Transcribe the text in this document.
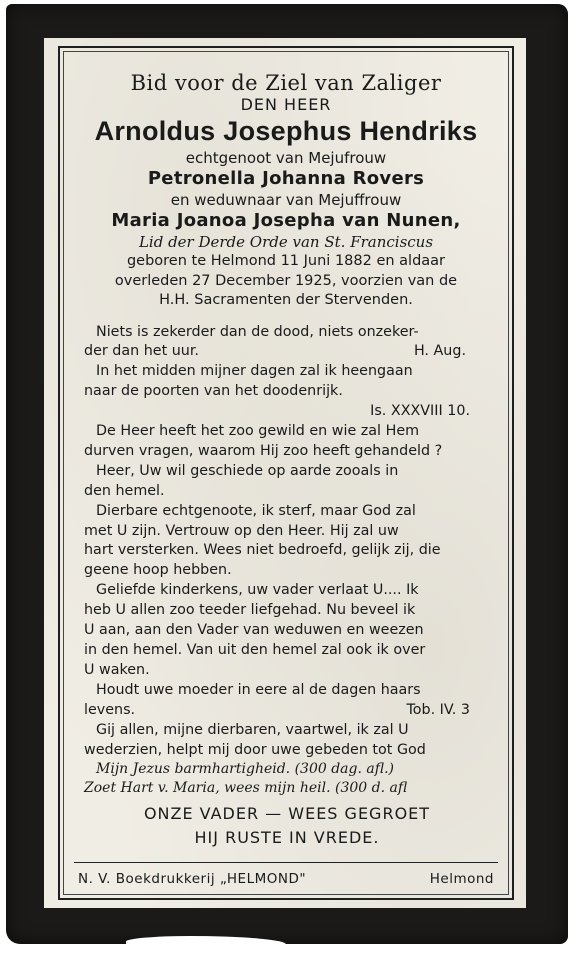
Bid voor de Ziel van Zaliger
DEN HEER
Arnoldus Josephus Hendriks
echtgenoot van Mejufrouw
Petronella Johanna Rovers
en weduwnaar van Mejuffrouw
Maria Joanoa Josepha van Nunen,
Lid der Derde Orde van St. Franciscus
geboren te Helmond 11 Juni 1882 en aldaar
overleden 27 December 1925, voorzien van de
H.H. Sacramenten der Stervenden.
Niets is zekerder dan de dood, niets onzeker-
der dan het uur.	H. Aug.
In het midden mijner dagen zal ik heengaan
naar de poorten van het doodenrijk.
Is. XXXVIII 10.
De Heer heeft het zoo gewild en wie zal Hem
durven vragen, waarom Hij zoo heeft gehandeld ?
Heer, Uw wil geschiede op aarde zooals in
den hemel.
Dierbare echtgenoote, ik sterf, maar God zal
met U zijn. Vertrouw op den Heer. Hij zal uw
hart versterken. Wees niet bedroefd, gelijk zij, die
geene hoop hebben.
Geliefde kinderkens, uw vader verlaat U.... Ik
heb U allen zoo teeder liefgehad. Nu beveel ik
U aan, aan den Vader van weduwen en weezen
in den hemel. Van uit den hemel zal ook ik over
U waken.
Houdt uwe moeder in eere al de dagen haars
levens.	Tob. IV. 3
Gij allen, mijne dierbaren, vaartwel, ik zal U
wederzien, helpt mij door uwe gebeden tot God
Mijn Jezus barmhartigheid. (300 dag. afl.)
Zoet Hart v. Maria, wees mijn heil. (300 d. afl
ONZE VADER — WEES GEGROET
HIJ RUSTE IN VREDE.
N. V. Boekdrukkerij „HELMOND"	Helmond
